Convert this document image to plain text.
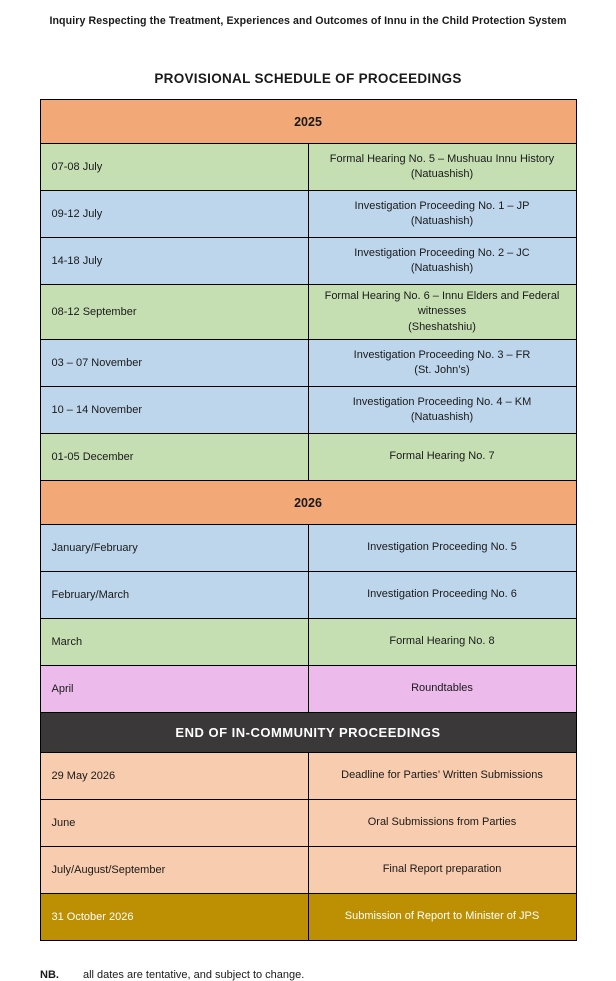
Inquiry Respecting the Treatment, Experiences and Outcomes of Innu in the Child Protection System
PROVISIONAL SCHEDULE OF PROCEEDINGS
2025	
07-08 July	Formal Hearing No. 5 – Mushuau Innu History
(Natuashish)

09-12 July	Investigation Proceeding No. 1 – JP
(Natuashish)

14-18 July	Investigation Proceeding No. 2 – JC
(Natuashish)

08-12 September	Formal Hearing No. 6 – Innu Elders and Federal witnesses
(Sheshatshiu)

03 – 07 November	Investigation Proceeding No. 3 – FR
(St. John’s)

10 – 14 November	Investigation Proceeding No. 4 – KM
(Natuashish)

01-05 December	Formal Hearing No. 7

2026	
January/February	Investigation Proceeding No. 5

February/March	Investigation Proceeding No. 6

March	Formal Hearing No. 8

April	Roundtables

END OF IN-COMMUNITY PROCEEDINGS	
29 May 2026	Deadline for Parties’ Written Submissions

June	Oral Submissions from Parties

July/August/September	Final Report preparation

31 October 2026	Submission of Report to Minister of JPS

NB. all dates are tentative, and subject to change.
